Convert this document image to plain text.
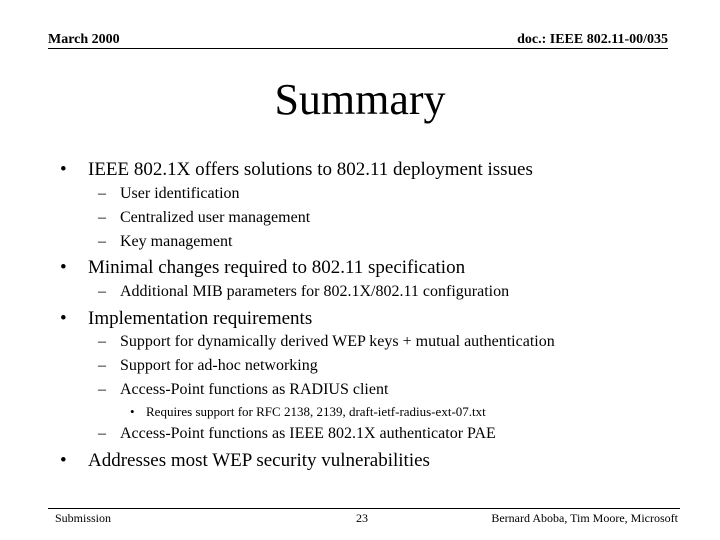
March 2000	doc.: IEEE 802.11-00/035
Summary
• IEEE 802.1X offers solutions to 802.11 deployment issues
– User identification
– Centralized user management
– Key management
• Minimal changes required to 802.11 specification
– Additional MIB parameters for 802.1X/802.11 configuration
• Implementation requirements
– Support for dynamically derived WEP keys + mutual authentication
– Support for ad-hoc networking
– Access-Point functions as RADIUS client
• Requires support for RFC 2138, 2139, draft-ietf-radius-ext-07.txt
– Access-Point functions as IEEE 802.1X authenticator PAE
• Addresses most WEP security vulnerabilities
Submission	23	Bernard Aboba, Tim Moore, Microsoft
